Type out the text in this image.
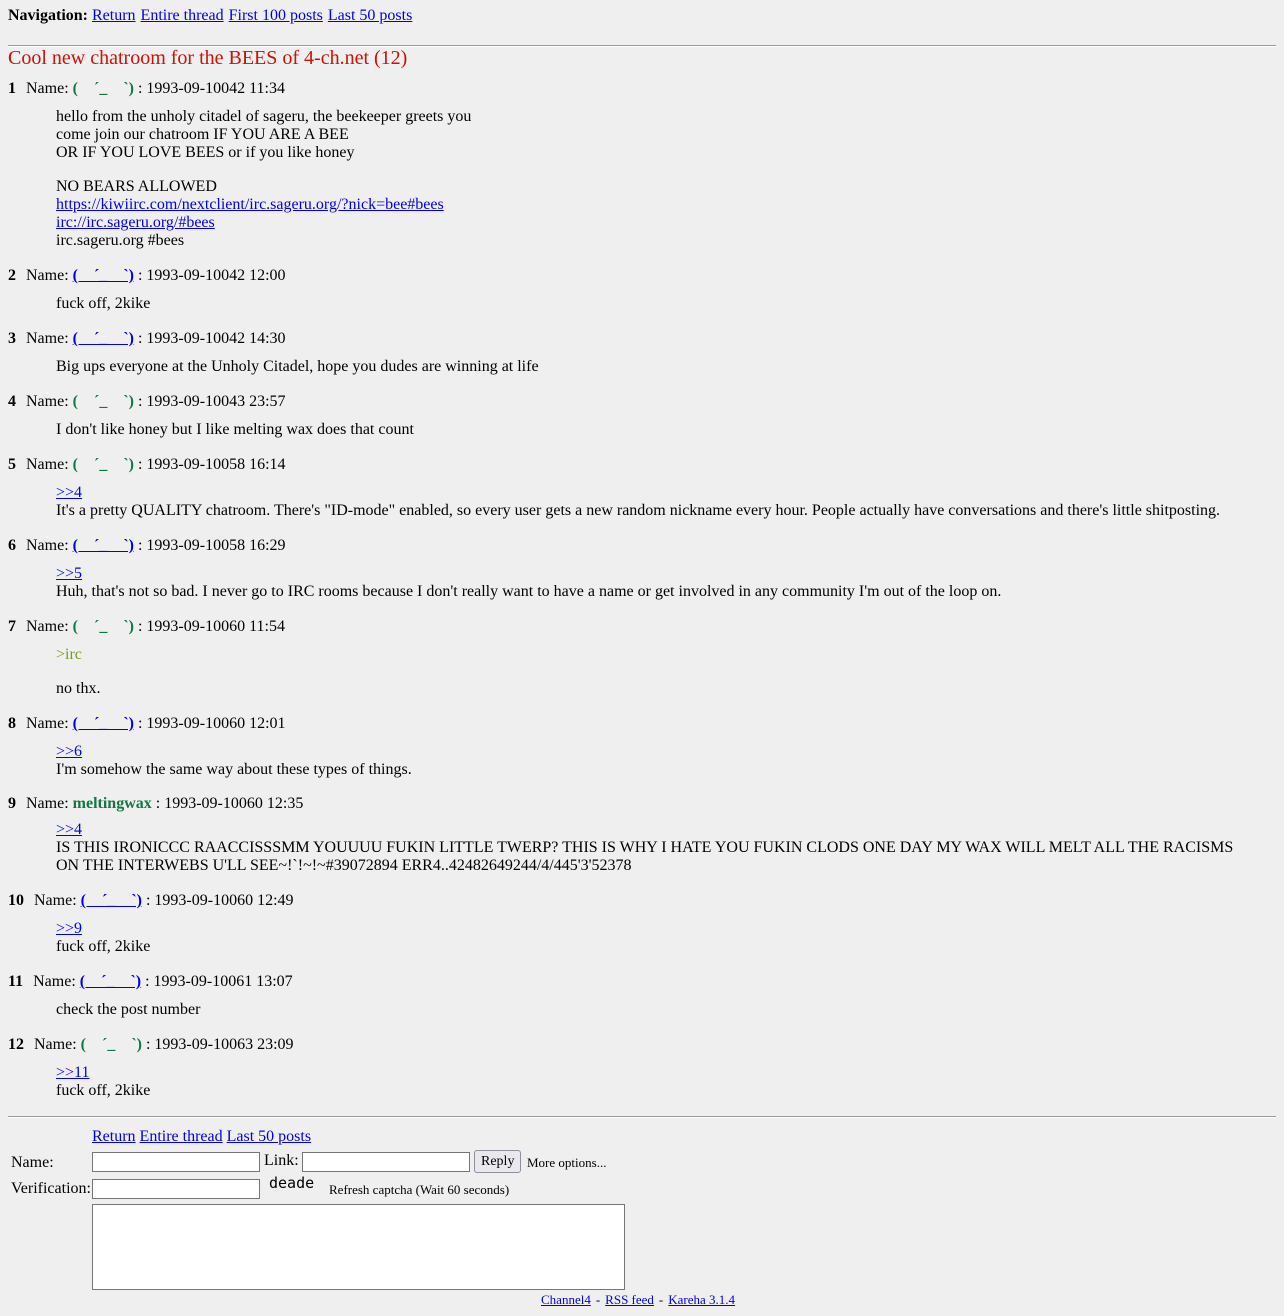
Navigation: Return Entire thread First 100 posts Last 50 posts
Cool new chatroom for the BEES of 4-ch.net (12)
1 Name: (　´_　`) : 1993-09-10042 11:34
hello from the unholy citadel of sageru, the beekeeper greets you
come join our chatroom IF YOU ARE A BEE
OR IF YOU LOVE BEES or if you like honey
NO BEARS ALLOWED
https://kiwiirc.com/nextclient/irc.sageru.org/?nick=bee#bees
irc://irc.sageru.org/#bees
irc.sageru.org #bees
2 Name: (　´_　`) : 1993-09-10042 12:00
fuck off, 2kike
3 Name: (　´_　`) : 1993-09-10042 14:30
Big ups everyone at the Unholy Citadel, hope you dudes are winning at life
4 Name: (　´_　`) : 1993-09-10043 23:57
I don't like honey but I like melting wax does that count
5 Name: (　´_　`) : 1993-09-10058 16:14
>>4
It's a pretty QUALITY chatroom. There's "ID-mode" enabled, so every user gets a new random nickname every hour. People actually have conversations and there's little shitposting.
6 Name: (　´_　`) : 1993-09-10058 16:29
>>5
Huh, that's not so bad. I never go to IRC rooms because I don't really want to have a name or get involved in any community I'm out of the loop on.
7 Name: (　´_　`) : 1993-09-10060 11:54
>irc
no thx.
8 Name: (　´_　`) : 1993-09-10060 12:01
>>6
I'm somehow the same way about these types of things.
9 Name: meltingwax : 1993-09-10060 12:35
>>4
IS THIS IRONICCC RAACCISSSMM YOUUUU FUKIN LITTLE TWERP? THIS IS WHY I HATE YOU FUKIN CLODS ONE DAY MY WAX WILL MELT ALL THE RACISMS
ON THE INTERWEBS U'LL SEE~!`!~!~#39072894 ERR4..42482649244/4/445'3'52378
10 Name: (　´_　`) : 1993-09-10060 12:49
>>9
fuck off, 2kike
11 Name: (　´_　`) : 1993-09-10061 13:07
check the post number
12 Name: (　´_　`) : 1993-09-10063 23:09
>>11
fuck off, 2kike
Return Entire thread Last 50 posts
Name:	Link:	Reply More options...
Verification:	deade Refresh captcha (Wait 60 seconds)
Channel4 - RSS feed - Kareha 3.1.4
